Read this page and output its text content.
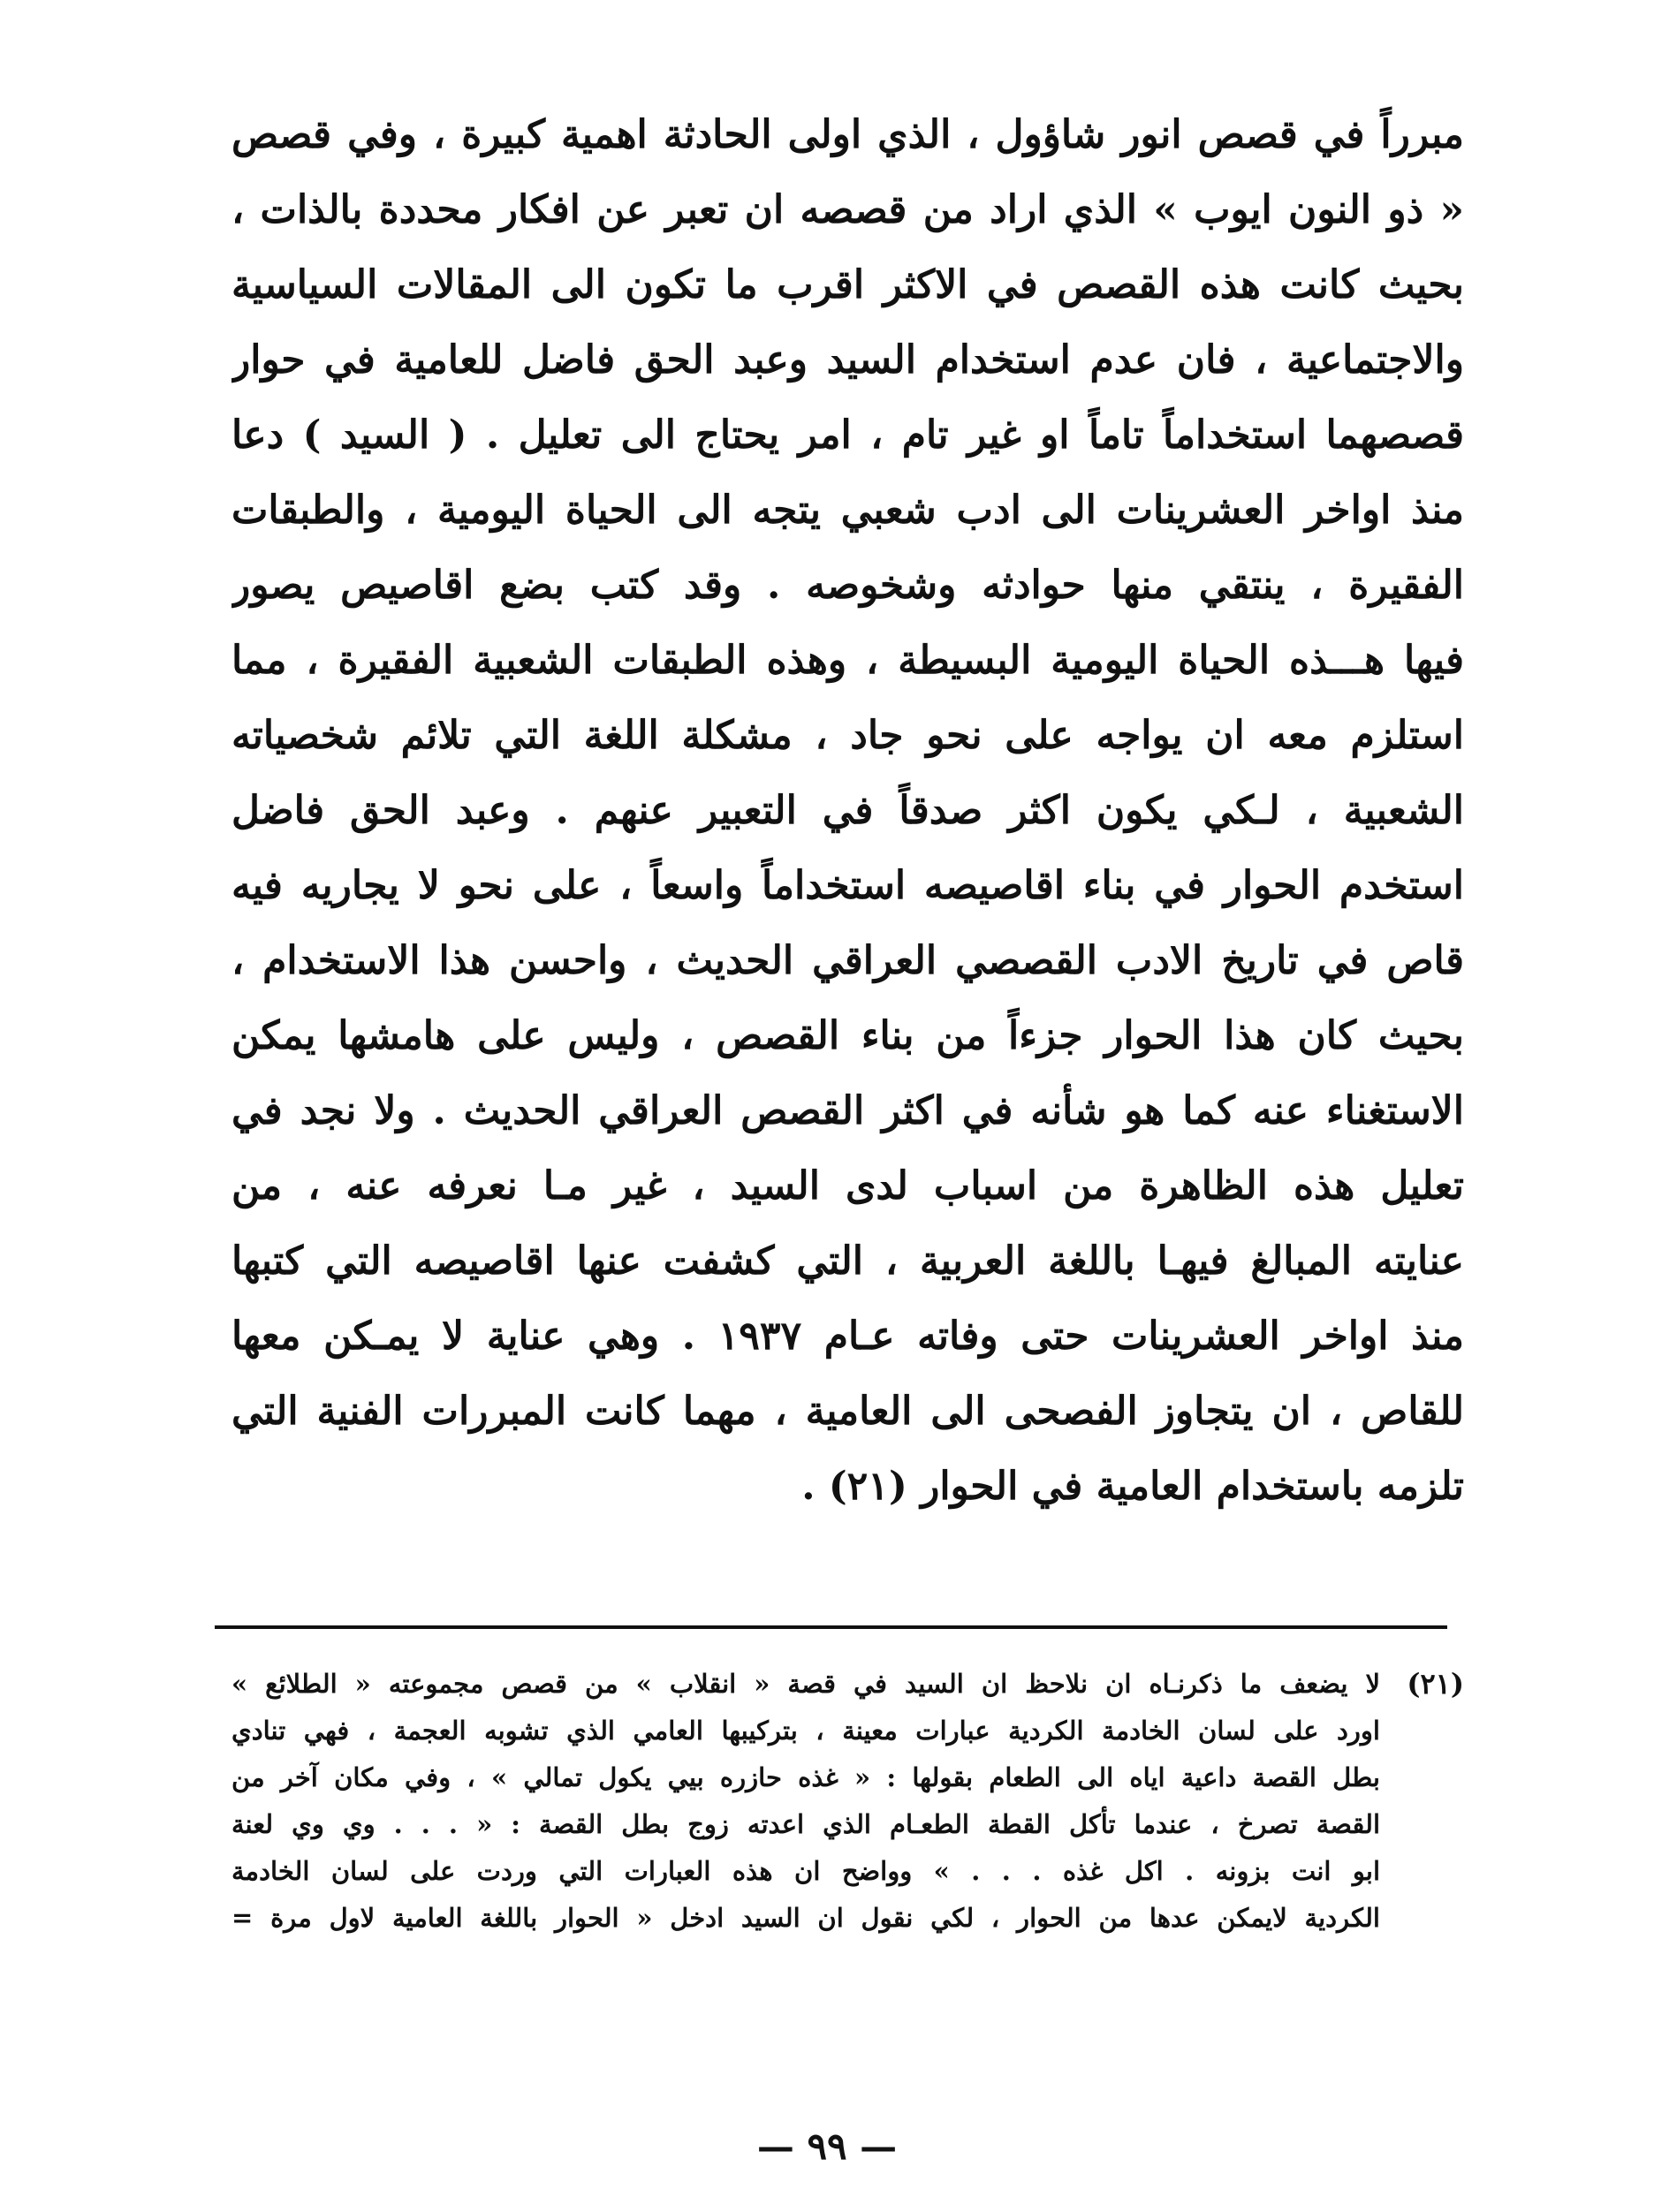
مبرراً في قصص انور شاؤول ، الذي اولى الحادثة اهمية كبيرة ، وفي قصص
« ذو النون ايوب » الذي اراد من قصصه ان تعبر عن افكار محددة بالذات ،
بحيث كانت هذه القصص في الاكثر اقرب ما تكون الى المقالات السياسية
والاجتماعية ، فان عدم استخدام السيد وعبد الحق فاضل للعامية في حوار
قصصهما استخداماً تاماً او غير تام ، امر يحتاج الى تعليل . ( السيد ) دعا
منذ اواخر العشرينات الى ادب شعبي يتجه الى الحياة اليومية ، والطبقات
الفقيرة ، ينتقي منها حوادثه وشخوصه . وقد كتب بضع اقاصيص يصور
فيها هـــذه الحياة اليومية البسيطة ، وهذه الطبقات الشعبية الفقيرة ، مما
استلزم معه ان يواجه على نحو جاد ، مشكلة اللغة التي تلائم شخصياته
الشعبية ، لـكي يكون اكثر صدقاً في التعبير عنهم . وعبد الحق فاضل
استخدم الحوار في بناء اقاصيصه استخداماً واسعاً ، على نحو لا يجاريه فيه
قاص في تاريخ الادب القصصي العراقي الحديث ، واحسن هذا الاستخدام ،
بحيث كان هذا الحوار جزءاً من بناء القصص ، وليس على هامشها يمكن
الاستغناء عنه كما هو شأنه في اكثر القصص العراقي الحديث . ولا نجد في
تعليل هذه الظاهرة من اسباب لدى السيد ، غير مـا نعرفه عنه ، من
عنايته المبالغ فيهـا باللغة العربية ، التي كشفت عنها اقاصيصه التي كتبها
منذ اواخر العشرينات حتى وفاته عـام ١٩٣٧ . وهي عناية لا يمـكن معها
للقاص ، ان يتجاوز الفصحى الى العامية ، مهما كانت المبررات الفنية التي
تلزمه باستخدام العامية في الحوار (٢١) .
(٢١)
لا يضعف ما ذكرنـاه ان نلاحظ ان السيد في قصة « انقلاب » من قصص مجموعته « الطلائع »
اورد على لسان الخادمة الكردية عبارات معينة ، بتركيبها العامي الذي تشوبه العجمة ، فهي تنادي
بطل القصة داعية اياه الى الطعام بقولها : « غذه حازره بيي يكول تمالي » ، وفي مكان آخر من
القصة تصرخ ، عندما تأكل القطة الطعـام الذي اعدته زوج بطل القصة : « . . . وي وي لعنة
ابو انت بزونه . اكل غذه . . . » وواضح ان هذه العبارات التي وردت على لسان الخادمة
الكردية لايمكن عدها من الحوار ، لكي نقول ان السيد ادخل « الحوار باللغة العامية لاول مرة =
— ٩٩ —
